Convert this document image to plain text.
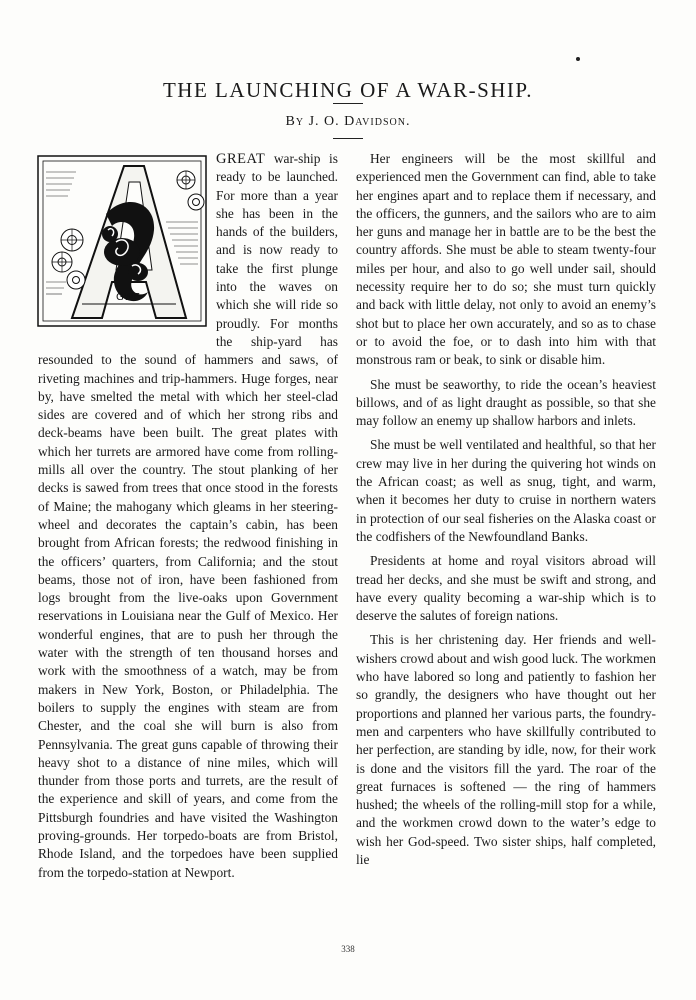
THE LAUNCHING OF A WAR-SHIP.
By J. O. Davidson.
GWE

GREAT war-ship is ready to be launched. For more than a year she has been in the hands of the builders, and is now ready to take the first plunge into the waves on which she will ride so proudly. For months the ship-yard has resounded to the sound of hammers and saws, of riveting machines and trip-hammers. Huge forges, near by, have smelted the metal with which her steel-clad sides are covered and of which her strong ribs and deck-beams have been built. The great plates with which her turrets are armored have come from rolling-mills all over the country. The stout planking of her decks is sawed from trees that once stood in the forests of Maine; the mahogany which gleams in her steering-wheel and decorates the captain’s cabin, has been brought from African forests; the redwood finishing in the officers’ quarters, from California; and the stout beams, those not of iron, have been fashioned from logs brought from the live-oaks upon Government reservations in Louisiana near the Gulf of Mexico. Her wonderful engines, that are to push her through the water with the strength of ten thousand horses and work with the smoothness of a watch, may be from makers in New York, Boston, or Philadelphia. The boilers to supply the engines with steam are from Chester, and the coal she will burn is also from Pennsylvania. The great guns capable of throwing their heavy shot to a distance of nine miles, which will thunder from those ports and turrets, are the result of the experience and skill of years, and come from the Pittsburgh foundries and have visited the Washington proving-grounds. Her torpedo-boats are from Bristol, Rhode Island, and the torpedoes have been supplied from the torpedo-station at Newport.

Her engineers will be the most skillful and experienced men the Government can find, able to take her engines apart and to replace them if necessary, and the officers, the gunners, and the sailors who are to aim her guns and manage her in battle are to be the best the country affords. She must be able to steam twenty-four miles per hour, and also to go well under sail, should necessity require her to do so; she must turn quickly and back with little delay, not only to avoid an enemy’s shot but to place her own accurately, and so as to chase or to avoid the foe, or to dash into him with that monstrous ram or beak, to sink or disable him.

She must be seaworthy, to ride the ocean’s heaviest billows, and of as light draught as possible, so that she may follow an enemy up shallow harbors and inlets.

She must be well ventilated and healthful, so that her crew may live in her during the quivering hot winds on the African coast; as well as snug, tight, and warm, when it becomes her duty to cruise in northern waters in protection of our seal fisheries on the Alaska coast or the codfishers of the Newfoundland Banks.

Presidents at home and royal visitors abroad will tread her decks, and she must be swift and strong, and have every quality becoming a war-ship which is to deserve the salutes of foreign nations.

This is her christening day. Her friends and well-wishers crowd about and wish good luck. The workmen who have labored so long and patiently to fashion her so grandly, the designers who have thought out her proportions and planned her various parts, the foundry-men and carpenters who have skillfully contributed to her perfection, are standing by idle, now, for their work is done and the visitors fill the yard. The roar of the great furnaces is softened — the ring of hammers hushed; the wheels of the rolling-mill stop for a while, and the workmen crowd down to the water’s edge to wish her God-speed. Two sister ships, half completed, lie

338
